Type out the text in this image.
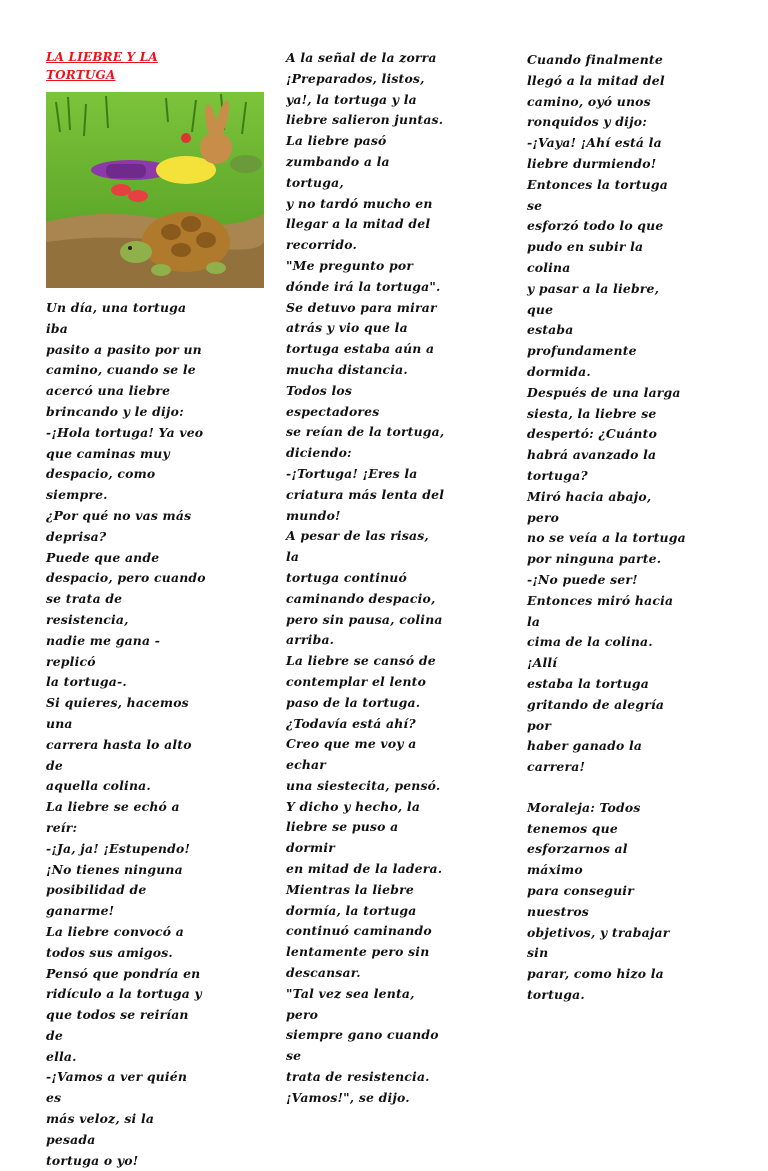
LA LIEBRE Y LA
TORTUGA

Un día, una tortuga iba
pasito a pasito por un
camino, cuando se le
acercó una liebre
brincando y le dijo:
-¡Hola tortuga! Ya veo
que caminas muy
despacio, como siempre.
¿Por qué no vas más
deprisa?
Puede que ande
despacio, pero cuando
se trata de resistencia,
nadie me gana -replicó
la tortuga-.
Si quieres, hacemos una
carrera hasta lo alto de
aquella colina.
La liebre se echó a reír:
-¡Ja, ja! ¡Estupendo!
¡No tienes ninguna
posibilidad de
ganarme!
La liebre convocó a
todos sus amigos.
Pensó que pondría en
ridículo a la tortuga y
que todos se reirían de
ella.
-¡Vamos a ver quién es
más veloz, si la pesada
tortuga o yo!

A la señal de la zorra
¡Preparados, listos,
ya!, la tortuga y la
liebre salieron juntas.
La liebre pasó
zumbando a la tortuga,
y no tardó mucho en
llegar a la mitad del
recorrido.
"Me pregunto por
dónde irá la tortuga".
Se detuvo para mirar
atrás y vio que la
tortuga estaba aún a
mucha distancia.
Todos los espectadores
se reían de la tortuga,
diciendo:
-¡Tortuga! ¡Eres la
criatura más lenta del
mundo!
A pesar de las risas, la
tortuga continuó
caminando despacio,
pero sin pausa, colina
arriba.
La liebre se cansó de
contemplar el lento
paso de la tortuga.
¿Todavía está ahí?
Creo que me voy a echar
una siestecita, pensó.
Y dicho y hecho, la
liebre se puso a dormir
en mitad de la ladera.
Mientras la liebre
dormía, la tortuga
continuó caminando
lentamente pero sin
descansar.
"Tal vez sea lenta, pero
siempre gano cuando se
trata de resistencia.
¡Vamos!", se dijo.

Cuando finalmente
llegó a la mitad del
camino, oyó unos
ronquidos y dijo:
-¡Vaya! ¡Ahí está la
liebre durmiendo!
Entonces la tortuga se
esforzó todo lo que
pudo en subir la colina
y pasar a la liebre, que
estaba profundamente
dormida.
Después de una larga
siesta, la liebre se
despertó: ¿Cuánto
habrá avanzado la
tortuga?
Miró hacia abajo, pero
no se veía a la tortuga
por ninguna parte.
-¡No puede ser!
Entonces miró hacia la
cima de la colina. ¡Allí
estaba la tortuga
gritando de alegría por
haber ganado la
carrera!

Moraleja: Todos
tenemos que
esforzarnos al máximo
para conseguir nuestros
objetivos, y trabajar sin
parar, como hizo la
tortuga.
